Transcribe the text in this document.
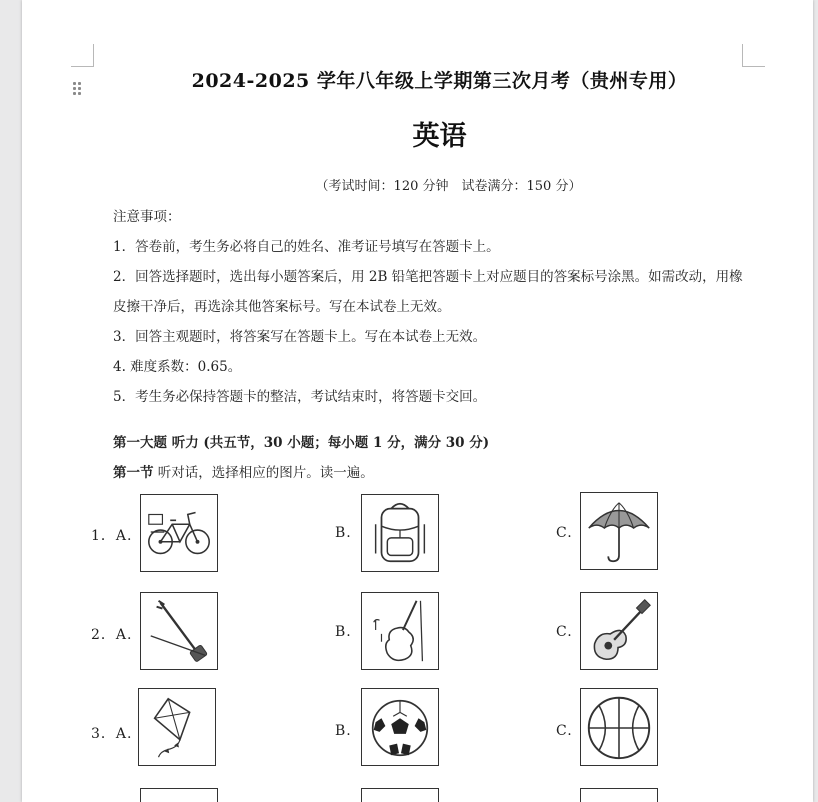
2024-2025 学年八年级上学期第三次月考（贵州专用）
英语
（考试时间：120 分钟　试卷满分：150 分）
注意事项：
1．答卷前，考生务必将自己的姓名、准考证号填写在答题卡上。
2．回答选择题时，选出每小题答案后，用 2B 铅笔把答题卡上对应题目的答案标号涂黑。如需改动，用橡
皮擦干净后，再选涂其他答案标号。写在本试卷上无效。
3．回答主观题时，将答案写在答题卡上。写在本试卷上无效。
4. 难度系数：0.65。
5．考生务必保持答题卡的整洁，考试结束时，将答题卡交回。
第一大题 听力 (共五节，30 小题；每小题 1 分，满分 30 分)
第一节 听对话，选择相应的图片。读一遍。
1．A.	B.	C.
2．A.	B.	C.
3．A.	B.	C.
